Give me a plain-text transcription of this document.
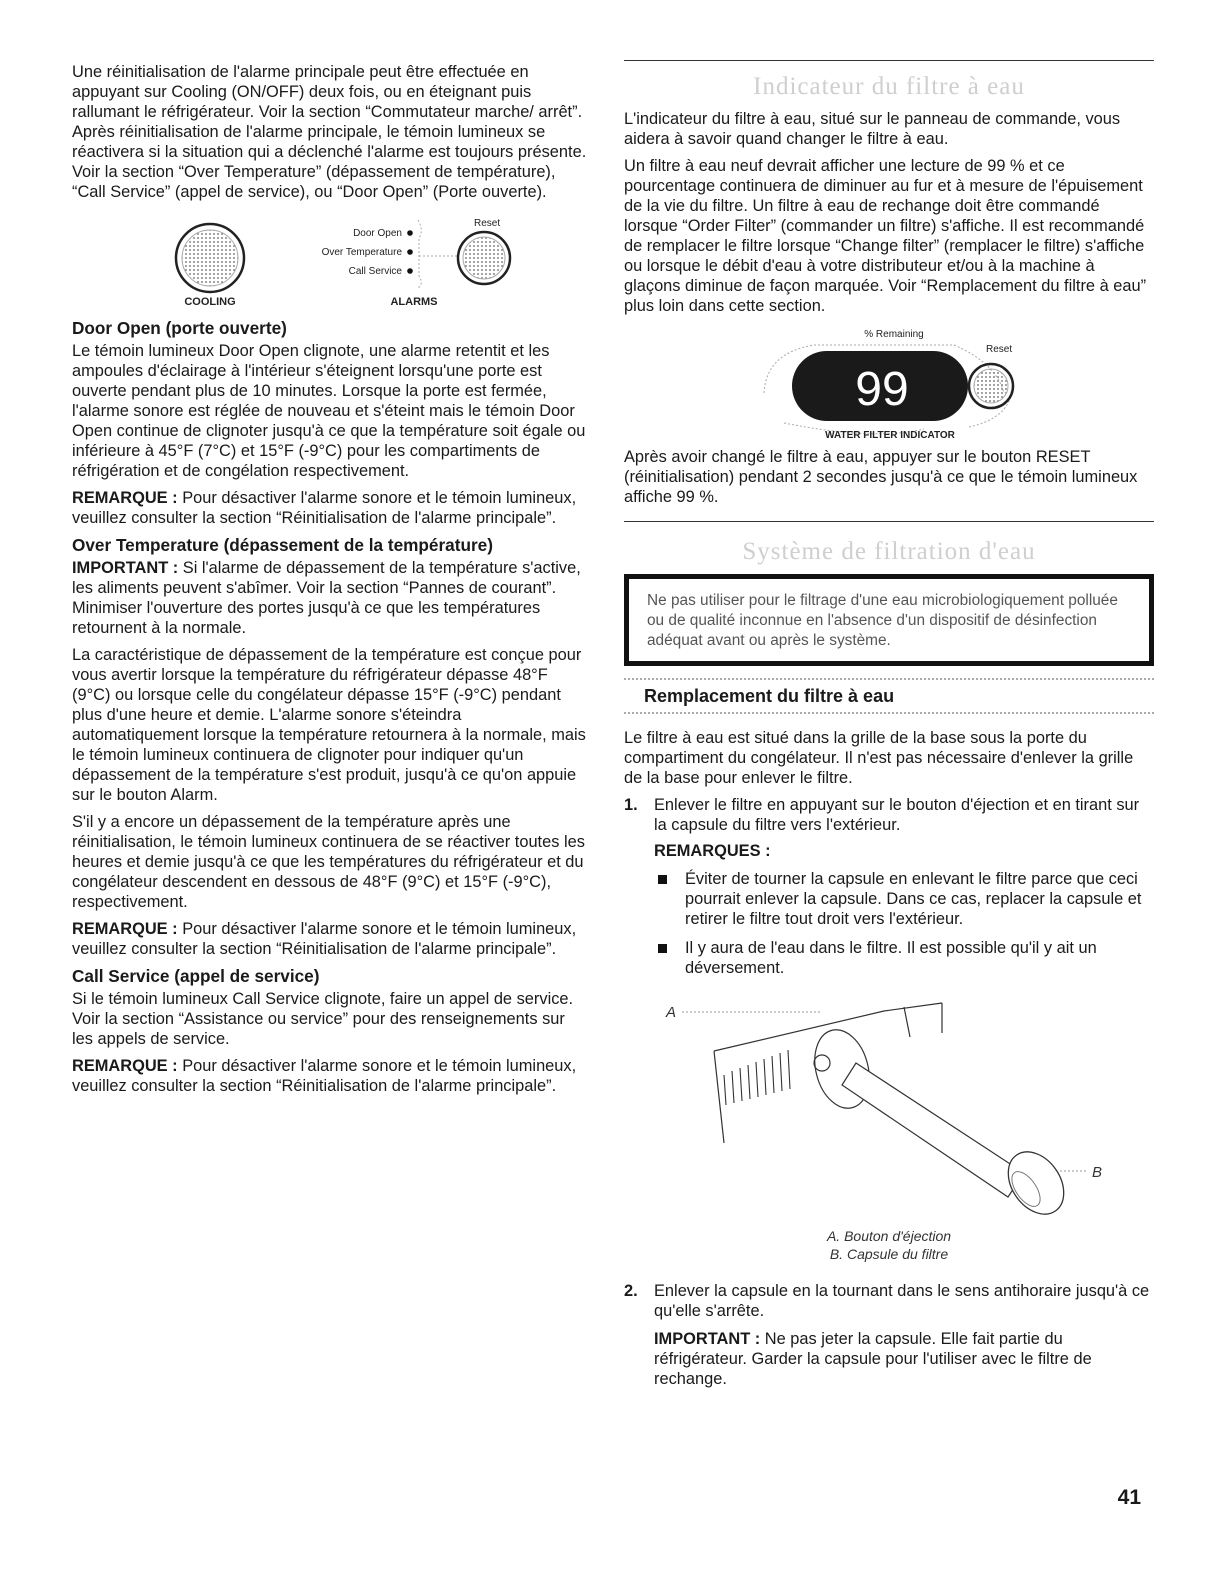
Une réinitialisation de l'alarme principale peut être effectuée en appuyant sur Cooling (ON/OFF) deux fois, ou en éteignant puis rallumant le réfrigérateur. Voir la section “Commutateur marche/ arrêt”. Après réinitialisation de l'alarme principale, le témoin lumineux se réactivera si la situation qui a déclenché l'alarme est toujours présente. Voir la section “Over Temperature” (dépassement de température), “Call Service” (appel de service), ou “Door Open” (Porte ouverte).

Door Open
Over Temperature
Call Service
Reset
COOLING	ALARMS
Door Open (porte ouverte)

Le témoin lumineux Door Open clignote, une alarme retentit et les ampoules d'éclairage à l'intérieur s'éteignent lorsqu'une porte est ouverte pendant plus de 10 minutes. Lorsque la porte est fermée, l'alarme sonore est réglée de nouveau et s'éteint mais le témoin Door Open continue de clignoter jusqu'à ce que la température soit égale ou inférieure à 45°F (7°C) et 15°F (-9°C) pour les compartiments de réfrigération et de congélation respectivement.

REMARQUE : Pour désactiver l'alarme sonore et le témoin lumineux, veuillez consulter la section “Réinitialisation de l'alarme principale”.

Over Temperature (dépassement de la température)

IMPORTANT : Si l'alarme de dépassement de la température s'active, les aliments peuvent s'abîmer. Voir la section “Pannes de courant”. Minimiser l'ouverture des portes jusqu'à ce que les températures retournent à la normale.

La caractéristique de dépassement de la température est conçue pour vous avertir lorsque la température du réfrigérateur dépasse 48°F (9°C) ou lorsque celle du congélateur dépasse 15°F (-9°C) pendant plus d'une heure et demie. L'alarme sonore s'éteindra automatiquement lorsque la température retournera à la normale, mais le témoin lumineux continuera de clignoter pour indiquer qu'un dépassement de la température s'est produit, jusqu'à ce qu'on appuie sur le bouton Alarm.

S'il y a encore un dépassement de la température après une réinitialisation, le témoin lumineux continuera de se réactiver toutes les heures et demie jusqu'à ce que les températures du réfrigérateur et du congélateur descendent en dessous de 48°F (9°C) et 15°F (-9°C), respectivement.

REMARQUE : Pour désactiver l'alarme sonore et le témoin lumineux, veuillez consulter la section “Réinitialisation de l'alarme principale”.

Call Service (appel de service)

Si le témoin lumineux Call Service clignote, faire un appel de service. Voir la section “Assistance ou service” pour des renseignements sur les appels de service.

REMARQUE : Pour désactiver l'alarme sonore et le témoin lumineux, veuillez consulter la section “Réinitialisation de l'alarme principale”.

Indicateur du filtre à eau

L'indicateur du filtre à eau, situé sur le panneau de commande, vous aidera à savoir quand changer le filtre à eau.

Un filtre à eau neuf devrait afficher une lecture de 99 % et ce pourcentage continuera de diminuer au fur et à mesure de l'épuisement de la vie du filtre. Un filtre à eau de rechange doit être commandé lorsque “Order Filter” (commander un filtre) s'affiche. Il est recommandé de remplacer le filtre lorsque “Change filter” (remplacer le filtre) s'affiche ou lorsque le débit d'eau à votre distributeur et/ou à la machine à glaçons diminue de façon marquée. Voir “Remplacement du filtre à eau” plus loin dans cette section.

% Remaining
99
Reset
WATER FILTER INDICATOR

Après avoir changé le filtre à eau, appuyer sur le bouton RESET (réinitialisation) pendant 2 secondes jusqu'à ce que le témoin lumineux affiche 99 %.

Système de filtration d'eau

Ne pas utiliser pour le filtrage d'une eau microbiologiquement polluée ou de qualité inconnue en l'absence d'un dispositif de désinfection adéquat avant ou après le système.

Remplacement du filtre à eau

Le filtre à eau est situé dans la grille de la base sous la porte du compartiment du congélateur. Il n'est pas nécessaire d'enlever la grille de la base pour enlever le filtre.

1. Enlever le filtre en appuyant sur le bouton d'éjection et en tirant sur la capsule du filtre vers l'extérieur.
REMARQUES :
Éviter de tourner la capsule en enlevant le filtre parce que ceci pourrait enlever la capsule. Dans ce cas, replacer la capsule et retirer le filtre tout droit vers l'extérieur.
Il y aura de l'eau dans le filtre. Il est possible qu'il y ait un déversement.
A
B
A. Bouton d'éjection
B. Capsule du filtre
2. Enlever la capsule en la tournant dans le sens antihoraire jusqu'à ce qu'elle s'arrête.

IMPORTANT : Ne pas jeter la capsule. Elle fait partie du réfrigérateur. Garder la capsule pour l'utiliser avec le filtre de rechange.

41
